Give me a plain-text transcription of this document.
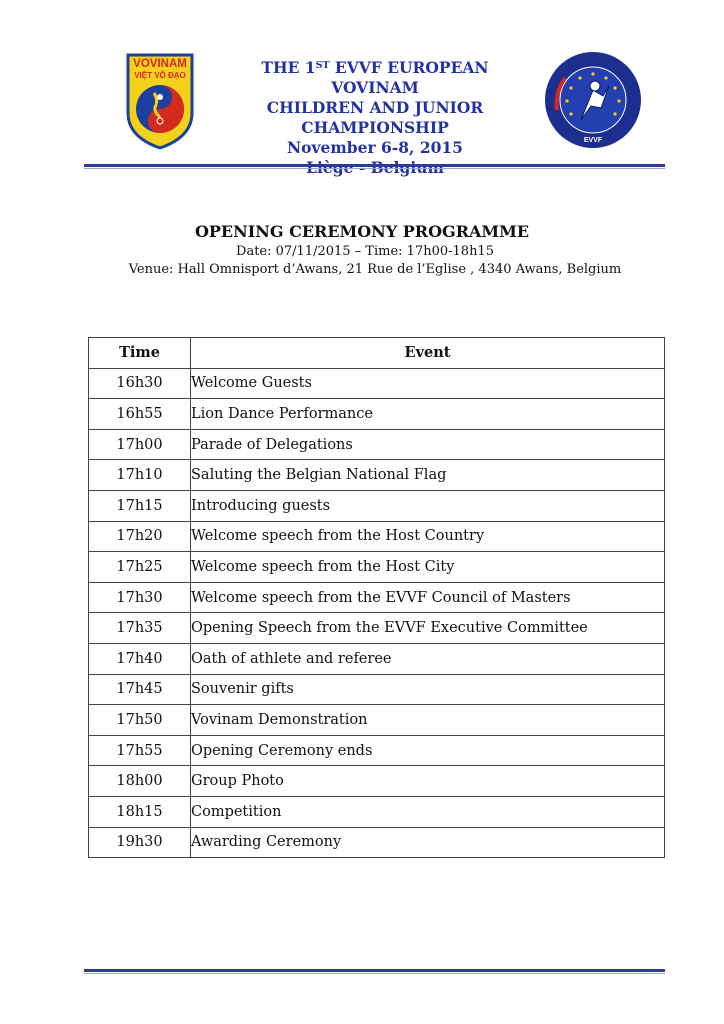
VOVINAM
VIỆT VÕ ĐẠO	THE 1ST EVVF EUROPEAN VOVINAM
CHILDREN AND JUNIOR CHAMPIONSHIP
November 6-8, 2015	EVVF
OPENING CEREMONY PROGRAMME
Date: 07/11/2015 – Time: 17h00-18h15
Venue: Hall Omnisport d’Awans, 21 Rue de l’Eglise , 4340 Awans, Belgium
Time	Event
16h30	Welcome Guests
16h55	Lion Dance Performance
17h00	Parade of Delegations
17h10	Saluting the Belgian National Flag
17h15	Introducing guests
17h20	Welcome speech from the Host Country
17h25	Welcome speech from the Host City
17h30	Welcome speech from the EVVF Council of Masters
17h35	Opening Speech from the EVVF Executive Committee
17h40	Oath of athlete and referee
17h45	Souvenir gifts
17h50	Vovinam Demonstration
17h55	Opening Ceremony ends
18h00	Group Photo
18h15	Competition
19h30	Awarding Ceremony
